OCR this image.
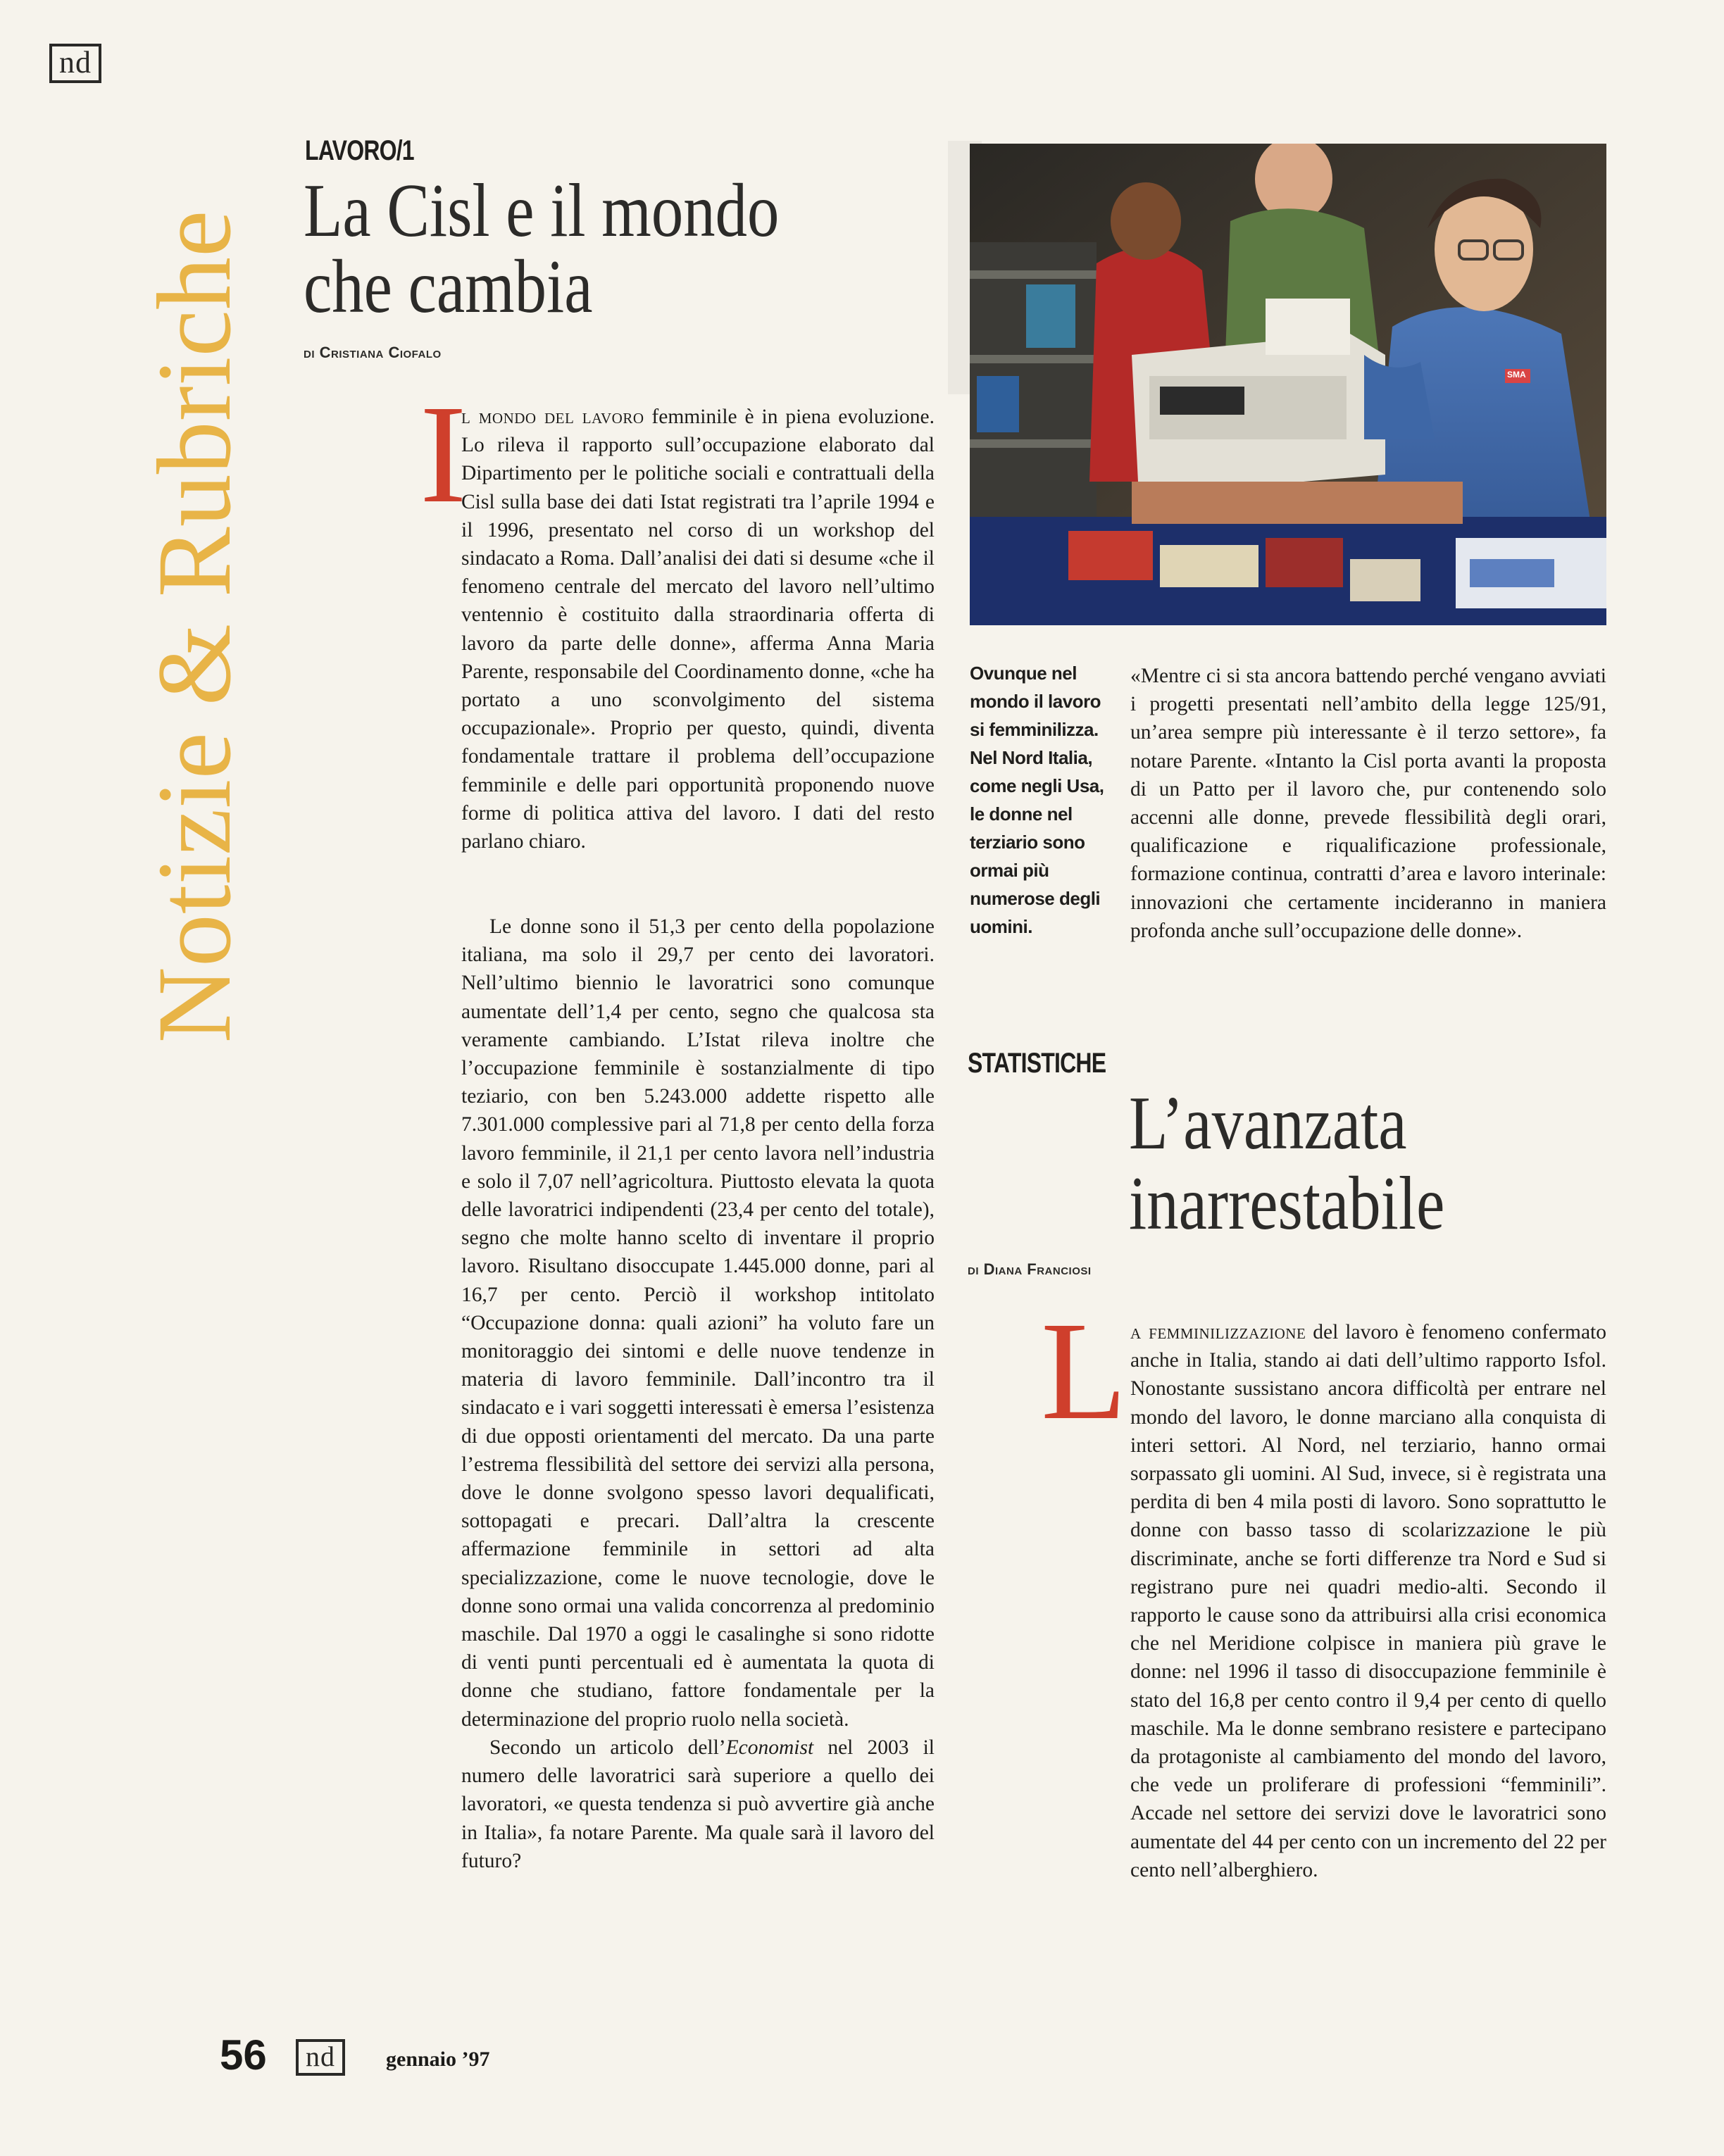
nd
Notizie & Rubriche
LAVORO/1
La Cisl e il mondo
che cambia
di Cristiana Ciofalo
I

l mondo del lavoro femminile è in piena evoluzione. Lo rileva il rapporto sull’occupazione elaborato dal Dipartimento per le politiche sociali e contrattuali della Cisl sulla base dei dati Istat registrati tra l’aprile 1994 e il 1996, presentato nel corso di un workshop del sindacato a Roma. Dall’analisi dei dati si desume «che il fenomeno centrale del mercato del lavoro nell’ultimo ventennio è costituito dalla straordinaria offerta di lavoro da parte delle donne», afferma Anna Maria Parente, responsabile del Coordinamento donne, «che ha portato a uno sconvolgimento del sistema occupazionale». Proprio per questo, quindi, diventa fondamentale trattare il problema dell’occupazione femminile e delle pari opportunità proponendo nuove forme di politica attiva del lavoro. I dati del resto parlano chiaro.

Le donne sono il 51,3 per cento della popolazione italiana, ma solo il 29,7 per cento dei lavoratori. Nell’ultimo biennio le lavoratrici sono comunque aumentate dell’1,4 per cento, segno che qualcosa sta veramente cambiando. L’Istat rileva inoltre che l’occupazione femminile è sostanzialmente di tipo teziario, con ben 5.243.000 addette rispetto alle 7.301.000 complessive pari al 71,8 per cento della forza lavoro femminile, il 21,1 per cento lavora nell’industria e solo il 7,07 nell’agricoltura. Piuttosto elevata la quota delle lavoratrici indipendenti (23,4 per cento del totale), segno che molte hanno scelto di inventare il proprio lavoro. Risultano disoccupate 1.445.000 donne, pari al 16,7 per cento. Perciò il workshop intitolato “Occupazione donna: quali azioni” ha voluto fare un monitoraggio dei sintomi e delle nuove tendenze in materia di lavoro femminile. Dall’incontro tra il sindacato e i vari soggetti interessati è emersa l’esistenza di due opposti orientamenti del mercato. Da una parte l’estrema flessibilità del settore dei servizi alla persona, dove le donne svolgono spesso lavori dequalificati, sottopagati e precari. Dall’altra la crescente affermazione femminile in settori ad alta specializzazione, come le nuove tecnologie, dove le donne sono ormai una valida concorrenza al predominio maschile. Dal 1970 a oggi le casalinghe si sono ridotte di venti punti percentuali ed è aumentata la quota di donne che studiano, fattore fondamentale per la determinazione del proprio ruolo nella società.

Secondo un articolo dell’Economist nel 2003 il numero delle lavoratrici sarà superiore a quello dei lavoratori, «e questa tendenza si può avvertire già anche in Italia», fa notare Parente. Ma quale sarà il lavoro del futuro?

SMA
Ovunque nel mondo il lavoro si femminilizza. Nel Nord Italia, come negli Usa, le donne nel terziario sono ormai più numerose degli uomini.

«Mentre ci si sta ancora battendo perché vengano avviati i progetti presentati nell’ambito della legge 125/91, un’area sempre più interessante è il terzo settore», fa notare Parente. «Intanto la Cisl porta avanti la proposta di un Patto per il lavoro che, pur contenendo solo accenni alle donne, prevede flessibilità degli orari, qualificazione e riqualificazione professionale, formazione continua, contratti d’area e lavoro interinale: innovazioni che certamente incideranno in maniera profonda anche sull’occupazione delle donne».

STATISTICHE
L’avanzata
inarrestabile
di Diana Franciosi
L a femminilizzazione del lavoro è fenomeno confermato anche in Italia, stando ai dati dell’ultimo rapporto Isfol. Nonostante sussistano ancora difficoltà per entrare nel mondo del lavoro, le donne marciano alla conquista di interi settori. Al Nord, nel terziario, hanno ormai sorpassato gli uomini. Al Sud, invece, si è registrata una perdita di ben 4 mila posti di lavoro. Sono soprattutto le donne con basso tasso di scolarizzazione le più discriminate, anche se forti differenze tra Nord e Sud si registrano pure nei quadri medio-alti. Secondo il rapporto le cause sono da attribuirsi alla crisi economica che nel Meridione colpisce in maniera più grave le donne: nel 1996 il tasso di disoccupazione femminile è stato del 16,8 per cento contro il 9,4 per cento di quello maschile. Ma le donne sembrano resistere e partecipano da protagoniste al cambiamento del mondo del lavoro, che vede un proliferare di professioni “femminili”. Accade nel settore dei servizi dove le lavoratrici sono aumentate del 44 per cento con un incremento del 22 per cento nell’alberghiero.

56	nd	gennaio ’97
